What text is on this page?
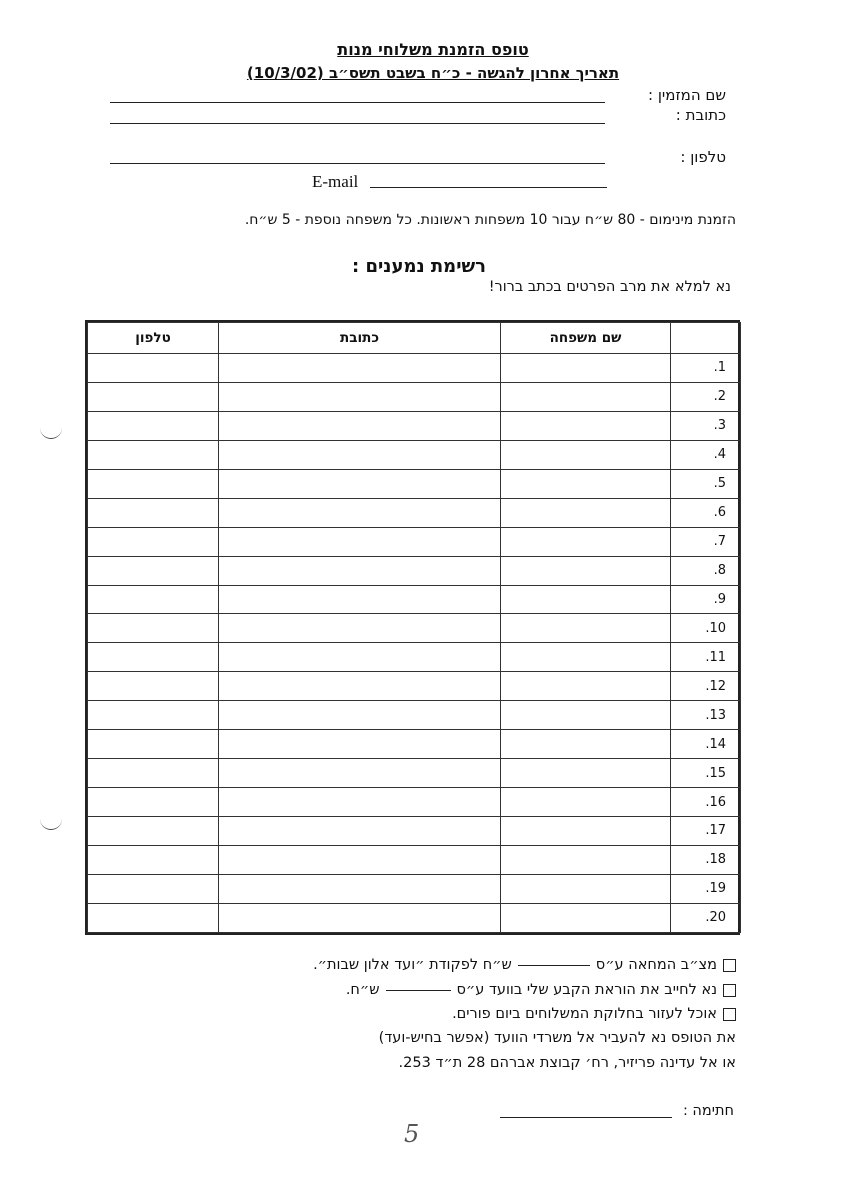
טופס הזמנת משלוחי מנות
תאריך אחרון להגשה - כ״ח בשבט תשס״ב (10/3/02)
שם המזמין :
כתובת :
טלפון :
E-mail
הזמנת מינימום - 80 ש״ח עבור 10 משפחות ראשונות. כל משפחה נוספת - 5 ש״ח.
רשימת נמענים :
נא למלא את מרב הפרטים בכתב ברור!
	שם משפחה	כתובת	טלפון
1.			
2.			
3.			
4.			
5.			
6.			
7.			
8.			
9.			
10.			
11.			
12.			
13.			
14.			
15.			
16.			
17.			
18.			
19.			
20.			
מצ״ב המחאה ע״ס
ש״ח לפקודת ״ועד אלון שבות״.
נא לחייב את הוראת הקבע שלי בוועד ע״ס
ש״ח.
אוכל לעזור בחלוקת המשלוחים ביום פורים.
את הטופס נא להעביר אל משרדי הוועד (אפשר בחיש-ועד)
או אל עדינה פריזיר, רח׳ קבוצת אברהם 28 ת״ד 253.
חתימה :
5
